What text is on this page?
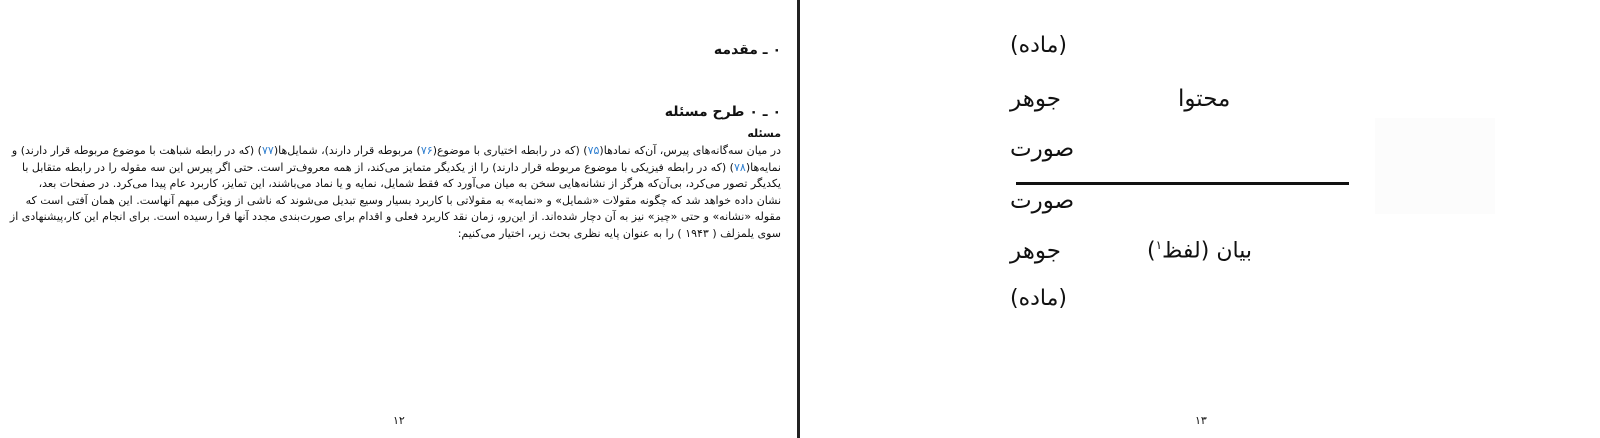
۰ ـ مقدمه
۰ ـ ۰ طرح مسئله
مسئله
در میان سه‌گانه‌های پیرس، آن‌که نمادها(۷۵) (که در رابطه اختیاری با موضوع(۷۶) مربوطه قرار دارند)، شمایل‌ها(۷۷) (که در رابطه شباهت با موضوع مربوطه قرار دارند) و
نمایه‌ها(۷۸) (که در رابطه فیزیکی با موضوع مربوطه قرار دارند) را از یکدیگر متمایز می‌کند، از همه معروف‌تر است. حتی اگر پیرس این سه مقوله را در رابطه متقابل با
یکدیگر تصور می‌کرد، بی‌آن‌که هرگز از نشانه‌هایی سخن به میان می‌آورد که فقط شمایل، نمایه و یا نماد می‌باشند، این تمایز، کاربرد عام پیدا می‌کرد. در صفحات بعد،
نشان داده خواهد شد که چگونه مقولات «شمایل» و «نمایه» به مقولاتی با کاربرد بسیار وسیع تبدیل می‌شوند که ناشی از ویژگی مبهم آنهاست. این همان آفتی است که
مقوله «نشانه» و حتی «چیز» نیز به آن دچار شده‌اند. از این‌رو، زمان نقد کاربرد فعلی و اقدام برای صورت‌بندی مجدد آنها فرا رسیده است. برای انجام این کار،پیشنهادی از
سوی یلمزلف ( ۱۹۴۳ ) را به عنوان پایه نظری بحث زیر، اختیار می‌کنیم:
۱۲
(ماده)
جوهر	محتوا
صورت
صورت
جوهر	بیان (لفظ$^۱$)
(ماده)
۱۳
